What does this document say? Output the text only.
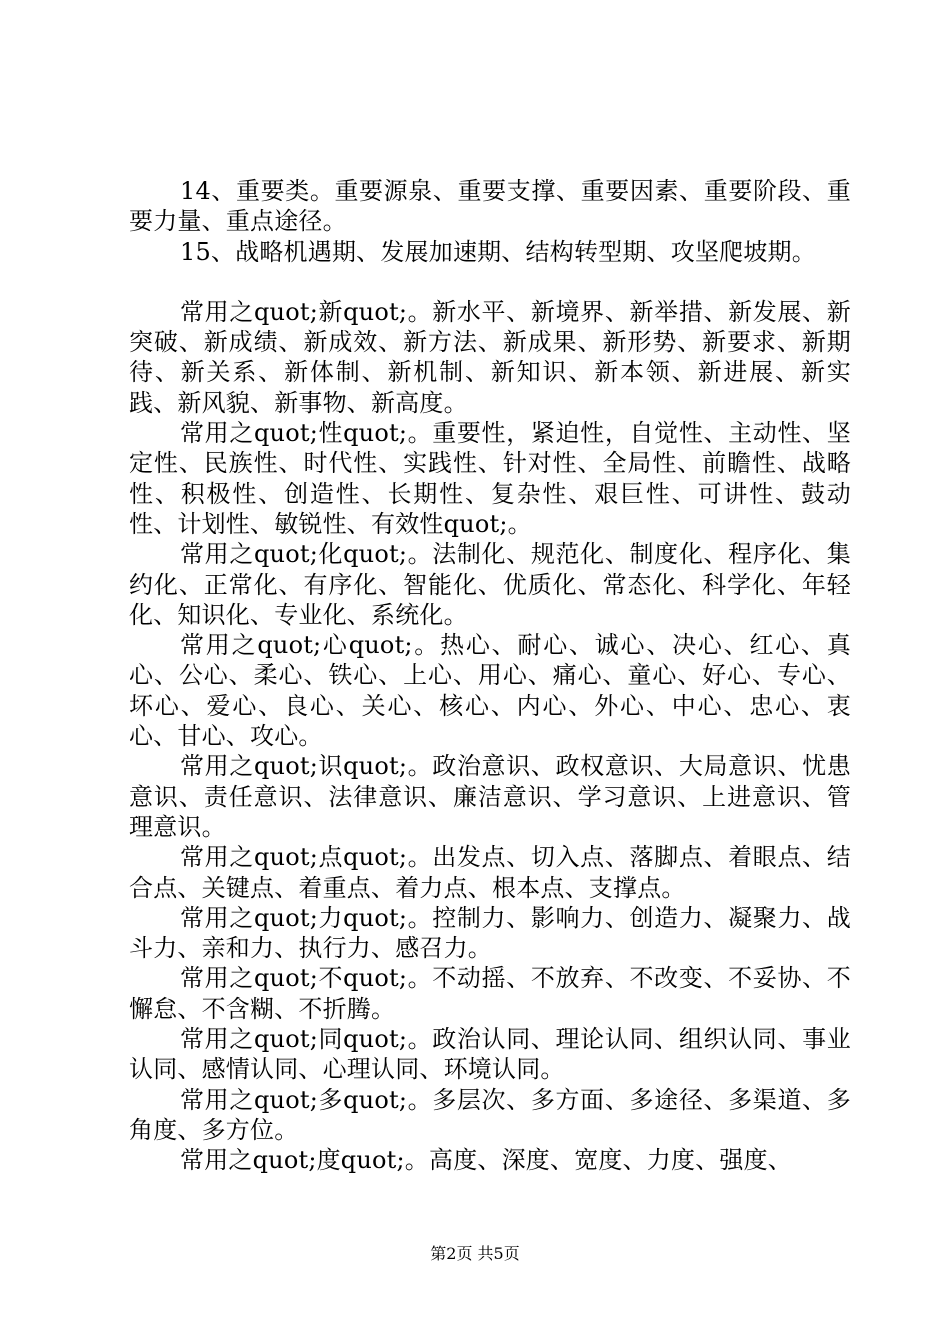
14、重要类。重要源泉、重要支撑、重要因素、重要阶段、重要力量、重点途径。

15、战略机遇期、发展加速期、结构转型期、攻坚爬坡期。

常用之quot;新quot;。新水平、新境界、新举措、新发展、新突破、新成绩、新成效、新方法、新成果、新形势、新要求、新期待、新关系、新体制、新机制、新知识、新本领、新进展、新实践、新风貌、新事物、新高度。

常用之quot;性quot;。重要性，紧迫性，自觉性、主动性、坚定性、民族性、时代性、实践性、针对性、全局性、前瞻性、战略性、积极性、创造性、长期性、复杂性、艰巨性、可讲性、鼓动性、计划性、敏锐性、有效性quot;。

常用之quot;化quot;。法制化、规范化、制度化、程序化、集约化、正常化、有序化、智能化、优质化、常态化、科学化、年轻化、知识化、专业化、系统化。

常用之quot;心quot;。热心、耐心、诚心、决心、红心、真心、公心、柔心、铁心、上心、用心、痛心、童心、好心、专心、坏心、爱心、良心、关心、核心、内心、外心、中心、忠心、衷心、甘心、攻心。

常用之quot;识quot;。政治意识、政权意识、大局意识、忧患意识、责任意识、法律意识、廉洁意识、学习意识、上进意识、管理意识。

常用之quot;点quot;。出发点、切入点、落脚点、着眼点、结合点、关键点、着重点、着力点、根本点、支撑点。

常用之quot;力quot;。控制力、影响力、创造力、凝聚力、战斗力、亲和力、执行力、感召力。

常用之quot;不quot;。不动摇、不放弃、不改变、不妥协、不懈怠、不含糊、不折腾。

常用之quot;同quot;。政治认同、理论认同、组织认同、事业认同、感情认同、心理认同、环境认同。

常用之quot;多quot;。多层次、多方面、多途径、多渠道、多角度、多方位。

常用之quot;度quot;。高度、深度、宽度、力度、强度、

第2页 共5页
